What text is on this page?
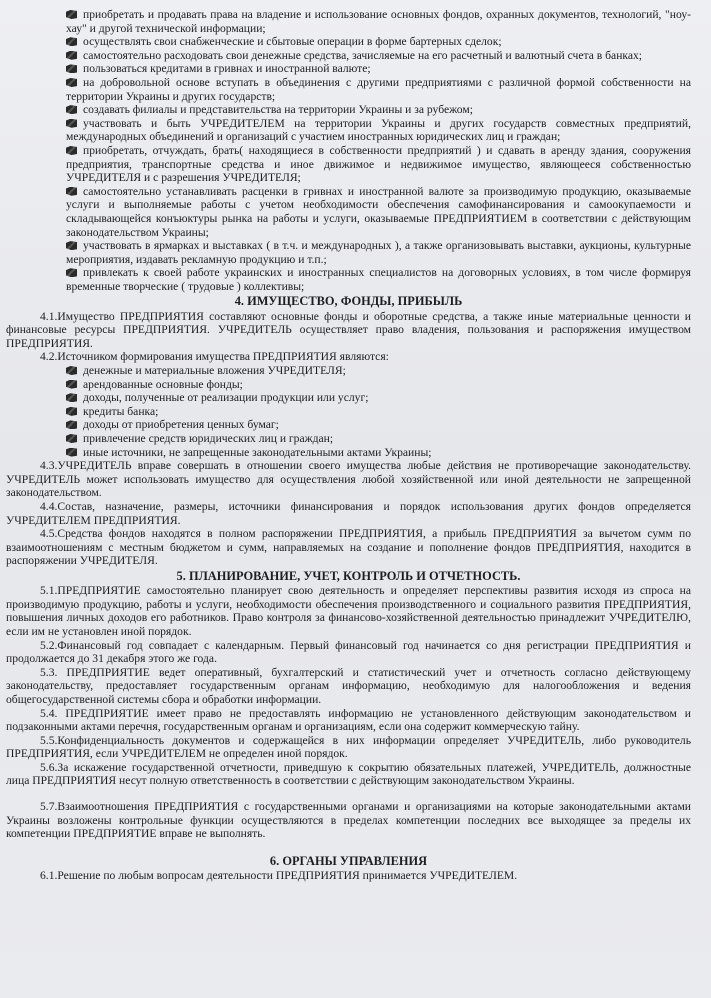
приобретать и продавать права на владение и использование основных фондов, охранных документов, технологий, "ноу-хау" и другой технической информации;

осуществлять свои снабженческие и сбытовые операции в форме бартерных сделок;

самостоятельно расходовать свои денежные средства, зачисляемые на его расчетный и валютный счета в банках;

пользоваться кредитами в гривнах и иностранной валюте;

на добровольной основе вступать в объединения с другими предприятиями с различной формой собственности на территории Украины и других государств;

создавать филиалы и представительства на территории Украины и за рубежом;

участвовать и быть УЧРЕДИТЕЛЕМ на территории Украины и других государств совместных предприятий, международных объединений и организаций с участием иностранных юридических лиц и граждан;

приобретать, отчуждать, брать( находящиеся в собственности предприятий ) и сдавать в аренду здания, сооружения предприятия, транспортные средства и иное движимое и недвижимое имущество, являющееся собственностью УЧРЕДИТЕЛЯ и с разрешения УЧРЕДИТЕЛЯ;

самостоятельно устанавливать расценки в гривнах и иностранной валюте за производимую продукцию, оказываемые услуги и выполняемые работы с учетом необходимости обеспечения самофинансирования и самоокупаемости и складывающейся конъюктуры рынка на работы и услуги, оказываемые ПРЕДПРИЯТИЕМ в соответствии с действующим законодательством Украины;

участвовать в ярмарках и выставках ( в т.ч. и международных ), а также организовывать выставки, аукционы, культурные мероприятия, издавать рекламную продукцию и т.п.;

привлекать к своей работе украинских и иностранных специалистов на договорных условиях, в том числе формируя временные творческие ( трудовые ) коллективы;

4. ИМУЩЕСТВО, ФОНДЫ, ПРИБЫЛЬ

4.1.Имущество ПРЕДПРИЯТИЯ составляют основные фонды и оборотные средства, а также иные материальные ценности и финансовые ресурсы ПРЕДПРИЯТИЯ. УЧРЕДИТЕЛЬ осуществляет право владения, пользования и распоряжения имуществом ПРЕДПРИЯТИЯ.

4.2.Источником формирования имущества ПРЕДПРИЯТИЯ являются:

денежные и материальные вложения УЧРЕДИТЕЛЯ;

арендованные основные фонды;

доходы, полученные от реализации продукции или услуг;

кредиты банка;

доходы от приобретения ценных бумаг;

привлечение средств юридических лиц и граждан;

иные источники, не запрещенные законодательными актами Украины;

4.3.УЧРЕДИТЕЛЬ вправе совершать в отношении своего имущества любые действия не противоречащие законодательству. УЧРЕДИТЕЛЬ может использовать имущество для осуществления любой хозяйственной или иной деятельности не запрещенной законодательством.

4.4.Состав, назначение, размеры, источники финансирования и порядок использования других фондов определяется УЧРЕДИТЕЛЕМ ПРЕДПРИЯТИЯ.

4.5.Средства фондов находятся в полном распоряжении ПРЕДПРИЯТИЯ, а прибыль ПРЕДПРИЯТИЯ за вычетом сумм по взаимоотношениям с местным бюджетом и сумм, направляемых на создание и пополнение фондов ПРЕДПРИЯТИЯ, находится в распоряжении УЧРЕДИТЕЛЯ.

5. ПЛАНИРОВАНИЕ, УЧЕТ, КОНТРОЛЬ И ОТЧЕТНОСТЬ.

5.1.ПРЕДПРИЯТИЕ самостоятельно планирует свою деятельность и определяет перспективы развития исходя из спроса на производимую продукцию, работы и услуги, необходимости обеспечения производственного и социального развития ПРЕДПРИЯТИЯ, повышения личных доходов его работников. Право контроля за финансово-хозяйственной деятельностью принадлежит УЧРЕДИТЕЛЮ, если им не установлен иной порядок.

5.2.Финансовый год совпадает с календарным. Первый финансовый год начинается со дня регистрации ПРЕДПРИЯТИЯ и продолжается до 31 декабря этого же года.

5.3. ПРЕДПРИЯТИЕ ведет оперативный, бухгалтерский и статистический учет и отчетность согласно действующему законодательству, предоставляет государственным органам информацию, необходимую для налогообложения и ведения общегосударственной системы сбора и обработки информации.

5.4. ПРЕДПРИЯТИЕ имеет право не предоставлять информацию не установленного действующим законодательством и подзаконными актами перечня, государственным органам и организациям, если она содержит коммерческую тайну.

5.5.Конфиденциальность документов и содержащейся в них информации определяет УЧРЕДИТЕЛЬ, либо руководитель ПРЕДПРИЯТИЯ, если УЧРЕДИТЕЛЕМ не определен иной порядок.

5.6.За искажение государственной отчетности, приведшую к сокрытию обязательных платежей, УЧРЕДИТЕЛЬ, должностные лица ПРЕДПРИЯТИЯ несут полную ответственность в соответствии с действующим законодательством Украины.

5.7.Взаимоотношения ПРЕДПРИЯТИЯ с государственными органами и организациями на которые законодательными актами Украины возложены контрольные функции осуществляются в пределах компетенции последних все выходящее за пределы их компетенции ПРЕДПРИЯТИЕ вправе не выполнять.

6. ОРГАНЫ УПРАВЛЕНИЯ

6.1.Решение по любым вопросам деятельности ПРЕДПРИЯТИЯ принимается УЧРЕДИТЕЛЕМ.
